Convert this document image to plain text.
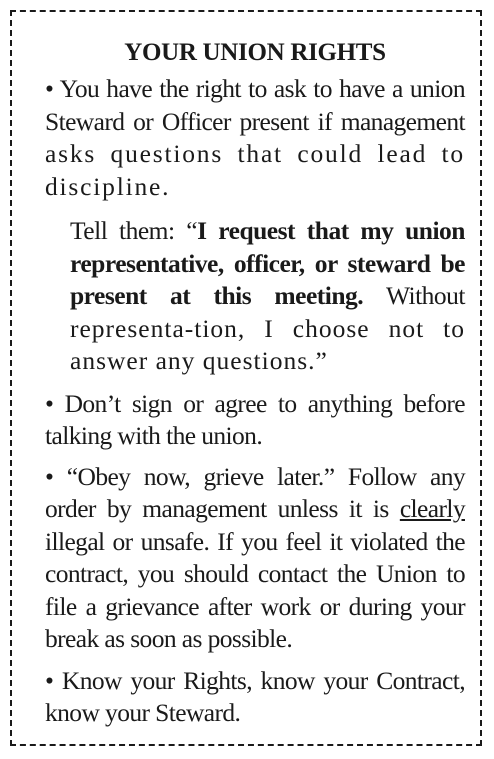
YOUR UNION RIGHTS

• You have the right to ask to have a union Steward or Officer present if management asks questions that could lead to discipline.

Tell them: “I request that my union representative, officer, or steward be present at this meeting. Without representa-tion, I choose not to answer any questions.”

• Don’t sign or agree to anything before talking with the union.

• “Obey now, grieve later.” Follow any order by management unless it is clearly illegal or unsafe. If you feel it violated the contract, you should contact the Union to file a grievance after work or during your break as soon as possible.

• Know your Rights, know your Contract, know your Steward.
